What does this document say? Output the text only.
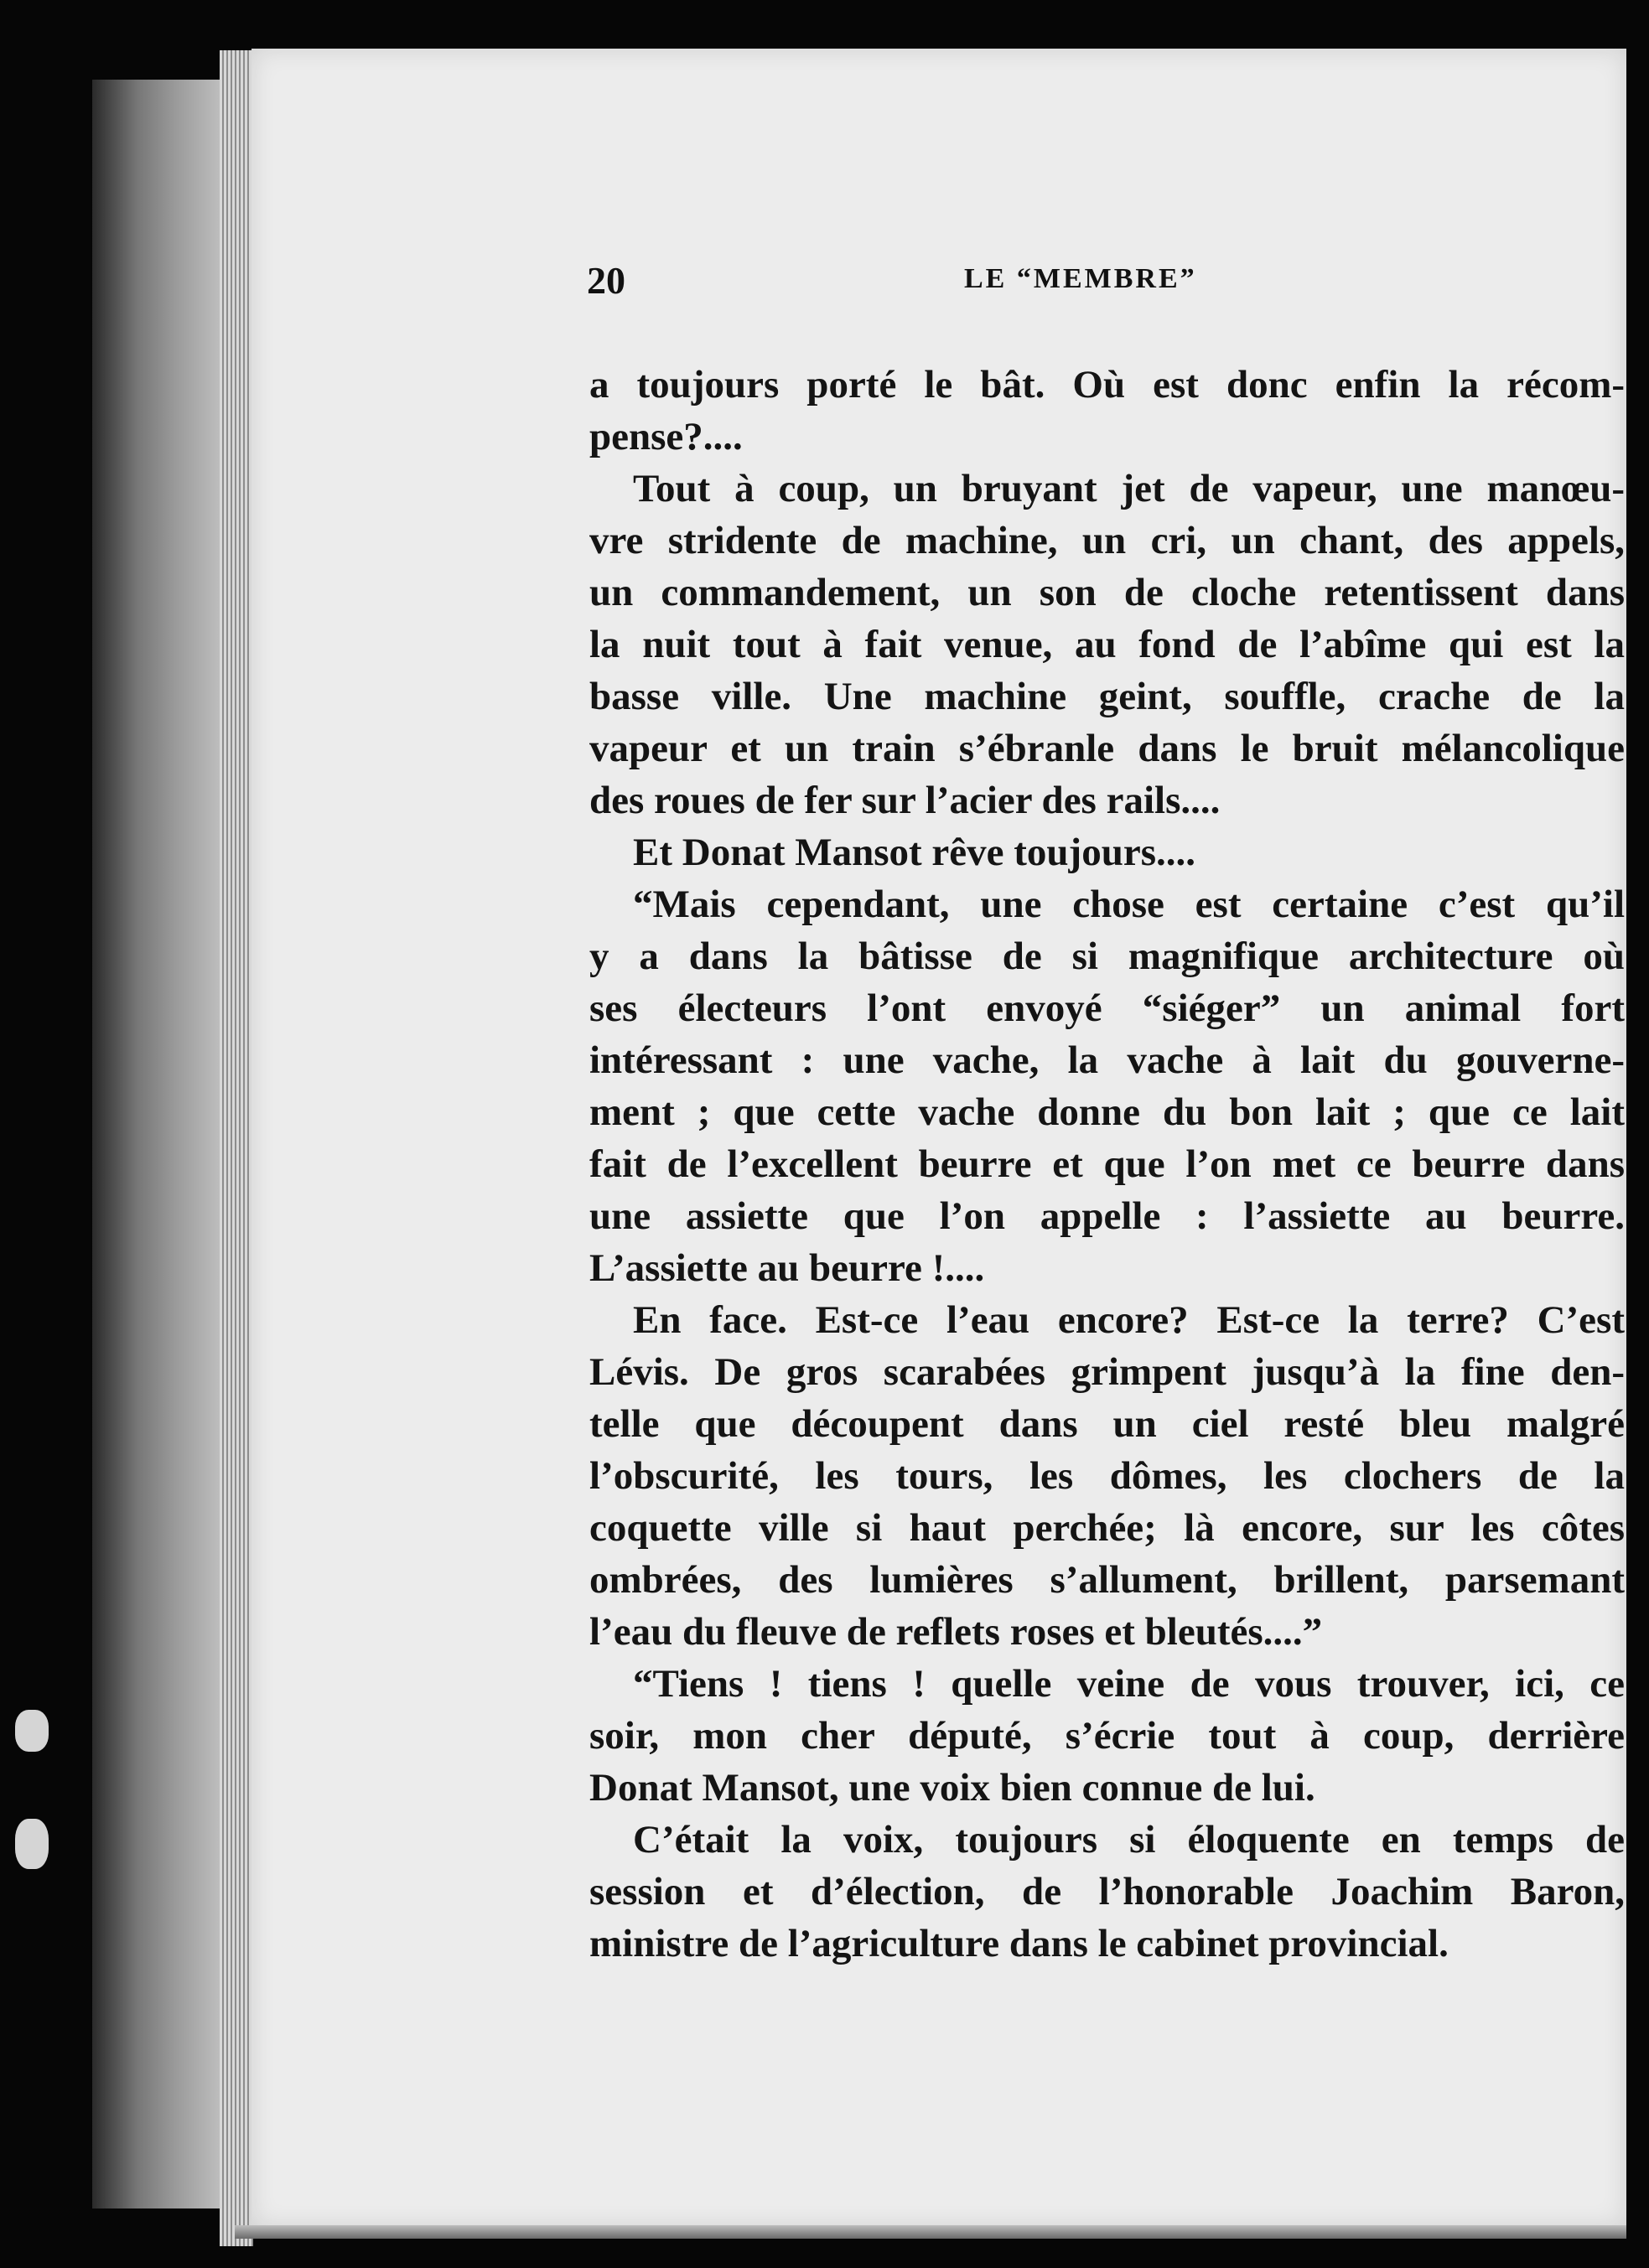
20	LE “MEMBRE”
a toujours porté le bât. Où est donc enfin la récom-
pense?....
Tout à coup, un bruyant jet de vapeur, une manœu-
vre stridente de machine, un cri, un chant, des appels,
un commandement, un son de cloche retentissent dans
la nuit tout à fait venue, au fond de l’abîme qui est la
basse ville. Une machine geint, souffle, crache de la
vapeur et un train s’ébranle dans le bruit mélancolique
des roues de fer sur l’acier des rails....
Et Donat Mansot rêve toujours....
“Mais cependant, une chose est certaine c’est qu’il
y a dans la bâtisse de si magnifique architecture où
ses électeurs l’ont envoyé “siéger” un animal fort
intéressant : une vache, la vache à lait du gouverne-
ment ; que cette vache donne du bon lait ; que ce lait
fait de l’excellent beurre et que l’on met ce beurre dans
une assiette que l’on appelle : l’assiette au beurre.
L’assiette au beurre !....
En face. Est-ce l’eau encore? Est-ce la terre? C’est
Lévis. De gros scarabées grimpent jusqu’à la fine den-
telle que découpent dans un ciel resté bleu malgré
l’obscurité, les tours, les dômes, les clochers de la
coquette ville si haut perchée; là encore, sur les côtes
ombrées, des lumières s’allument, brillent, parsemant
l’eau du fleuve de reflets roses et bleutés....”
“Tiens ! tiens ! quelle veine de vous trouver, ici, ce
soir, mon cher député, s’écrie tout à coup, derrière
Donat Mansot, une voix bien connue de lui.
C’était la voix, toujours si éloquente en temps de
session et d’élection, de l’honorable Joachim Baron,
ministre de l’agriculture dans le cabinet provincial.
